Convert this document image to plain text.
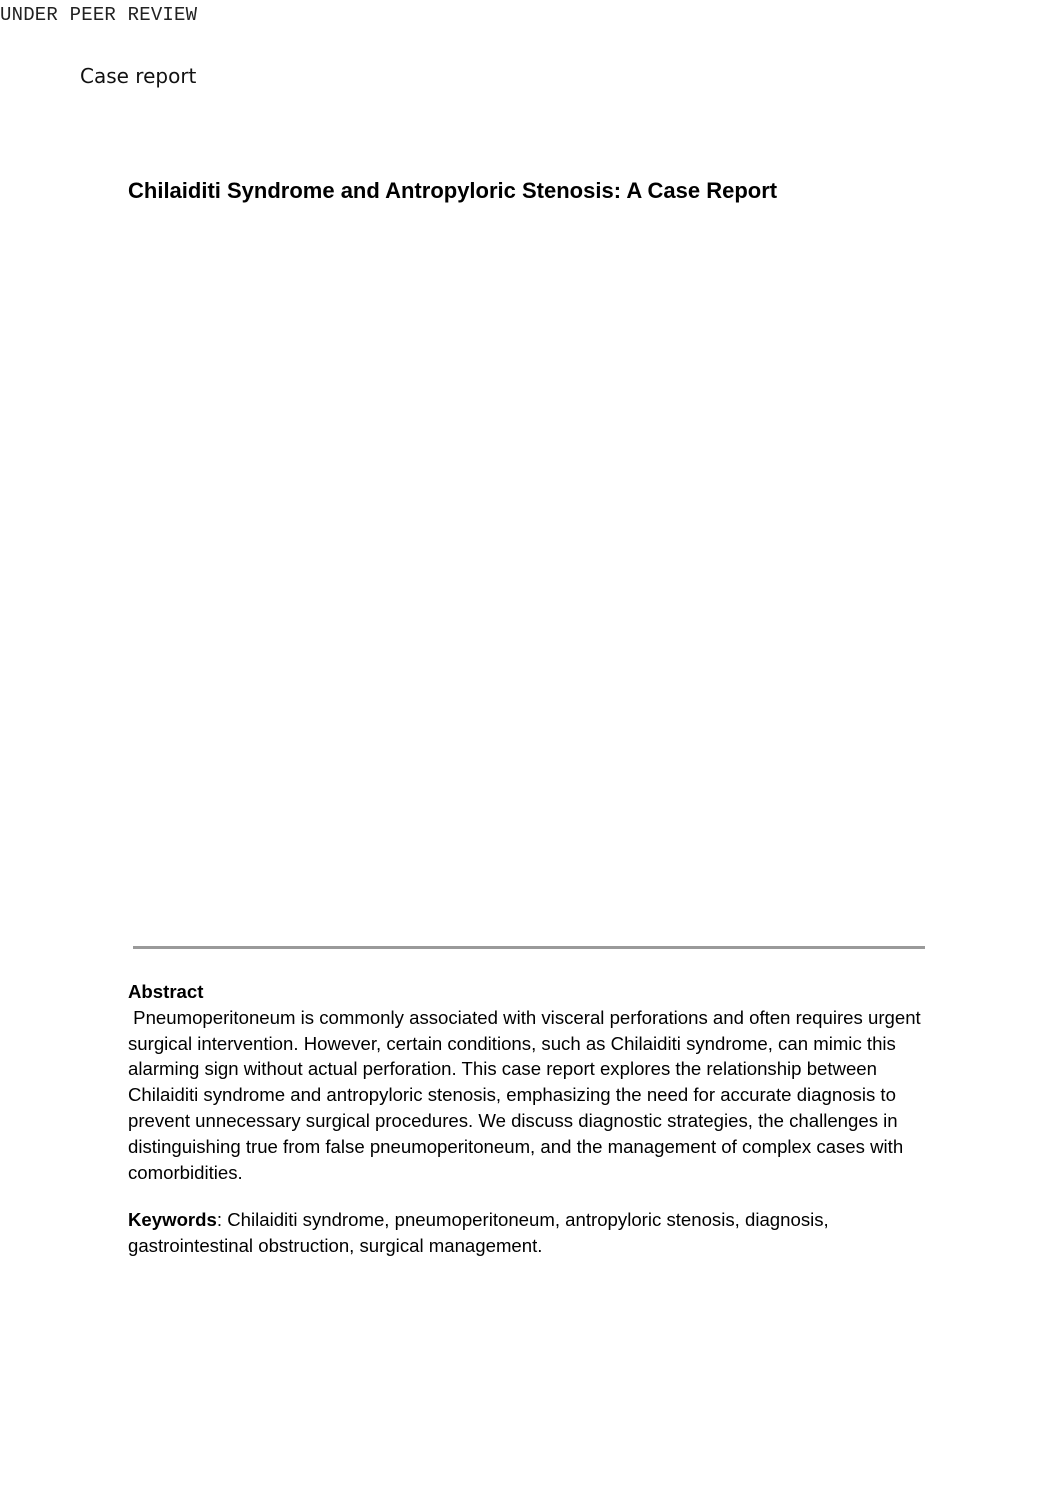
UNDER PEER REVIEW
Case report
Chilaiditi Syndrome and Antropyloric Stenosis: A Case Report
Abstract
Pneumoperitoneum is commonly associated with visceral perforations and often requires urgent surgical intervention. However, certain conditions, such as Chilaiditi syndrome, can mimic this alarming sign without actual perforation. This case report explores the relationship between Chilaiditi syndrome and antropyloric stenosis, emphasizing the need for accurate diagnosis to prevent unnecessary surgical procedures. We discuss diagnostic strategies, the challenges in distinguishing true from false pneumoperitoneum, and the management of complex cases with comorbidities.
Keywords: Chilaiditi syndrome, pneumoperitoneum, antropyloric stenosis, diagnosis, gastrointestinal obstruction, surgical management.
